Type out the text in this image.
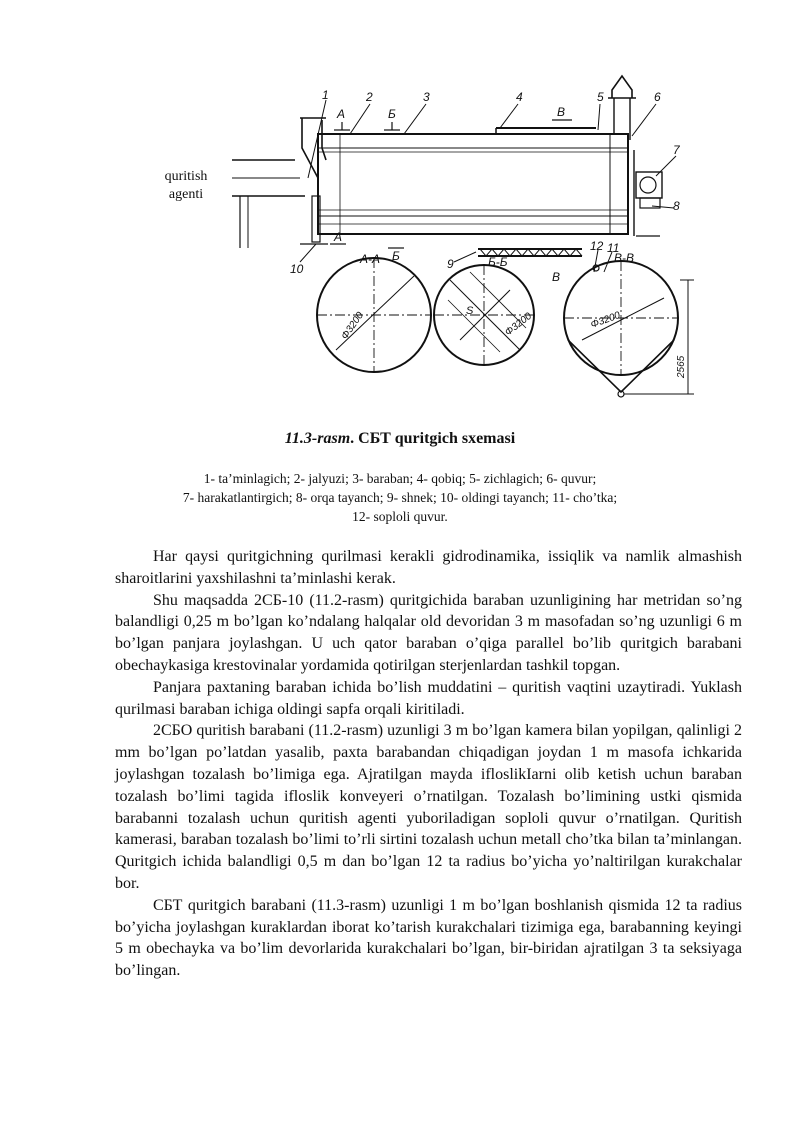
quritish
agenti
1	2	3	4	5	6
7
8
9
10
12 11
A	Б	В
A
Б
В
А-А	Б-Б	В-В
Φ3200	Φ3200	Φ3200
S
2565
11.3-rasm. СБТ quritgich sxemasi
1- ta’minlagich; 2- jalyuzi; 3- baraban; 4- qobiq; 5- zichlagich; 6- quvur;
7- harakatlantirgich; 8- orqa tayanch; 9- shnek; 10- oldingi tayanch; 11- cho’tka;
12- soploli quvur.

Har qaysi quritgichning qurilmasi kerakli gidrodinamika, issiqlik va namlik almashish sharoitlarini yaxshilashni ta’minlashi kerak.

Shu maqsadda 2СБ-10 (11.2-rasm) quritgichida baraban uzunligining har metridan so’ng balandligi 0,25 m bo’lgan ko’ndalang halqalar old devoridan 3 m masofadan so’ng uzunligi 6 m bo’lgan panjara joylashgan. U uch qator baraban o’qiga parallel bo’lib quritgich barabani obechaykasiga krestovinalar yordamida qotirilgan sterjenlardan tashkil topgan.

Panjara paxtaning baraban ichida bo’lish muddatini – quritish vaqtini uzaytiradi. Yuklash qurilmasi baraban ichiga oldingi sapfa orqali kiritiladi.

2СБО quritish barabani (11.2-rasm) uzunligi 3 m bo’lgan kamera bilan yopilgan, qalinligi 2 mm bo’lgan po’latdan yasalib, paxta barabandan chiqadigan joydan 1 m masofa ichkarida joylashgan tozalash bo’limiga ega. Ajratilgan mayda ifloslikIarni olib ketish uchun baraban tozalash bo’limi tagida ifloslik konveyeri o’rnatilgan. Tozalash bo’limining ustki qismida barabanni tozalash uchun quritish agenti yuboriladigan soploli quvur o’rnatilgan. Quritish kamerasi, baraban tozalash bo’limi to’rli sirtini tozalash uchun metall cho’tka bilan ta’minlangan. Quritgich ichida balandligi 0,5 m dan bo’lgan 12 ta radius bo’yicha yo’naltirilgan kurakchalar bor.

СБТ quritgich barabani (11.3-rasm) uzunligi 1 m bo’lgan boshlanish qismida 12 ta radius bo’yicha joylashgan kuraklardan iborat ko’tarish kurakchalari tizimiga ega, barabanning keyingi 5 m obechayka va bo’lim devorlarida kurakchalari bo’lgan, bir-biridan ajratilgan 3 ta seksiyaga bo’lingan.
